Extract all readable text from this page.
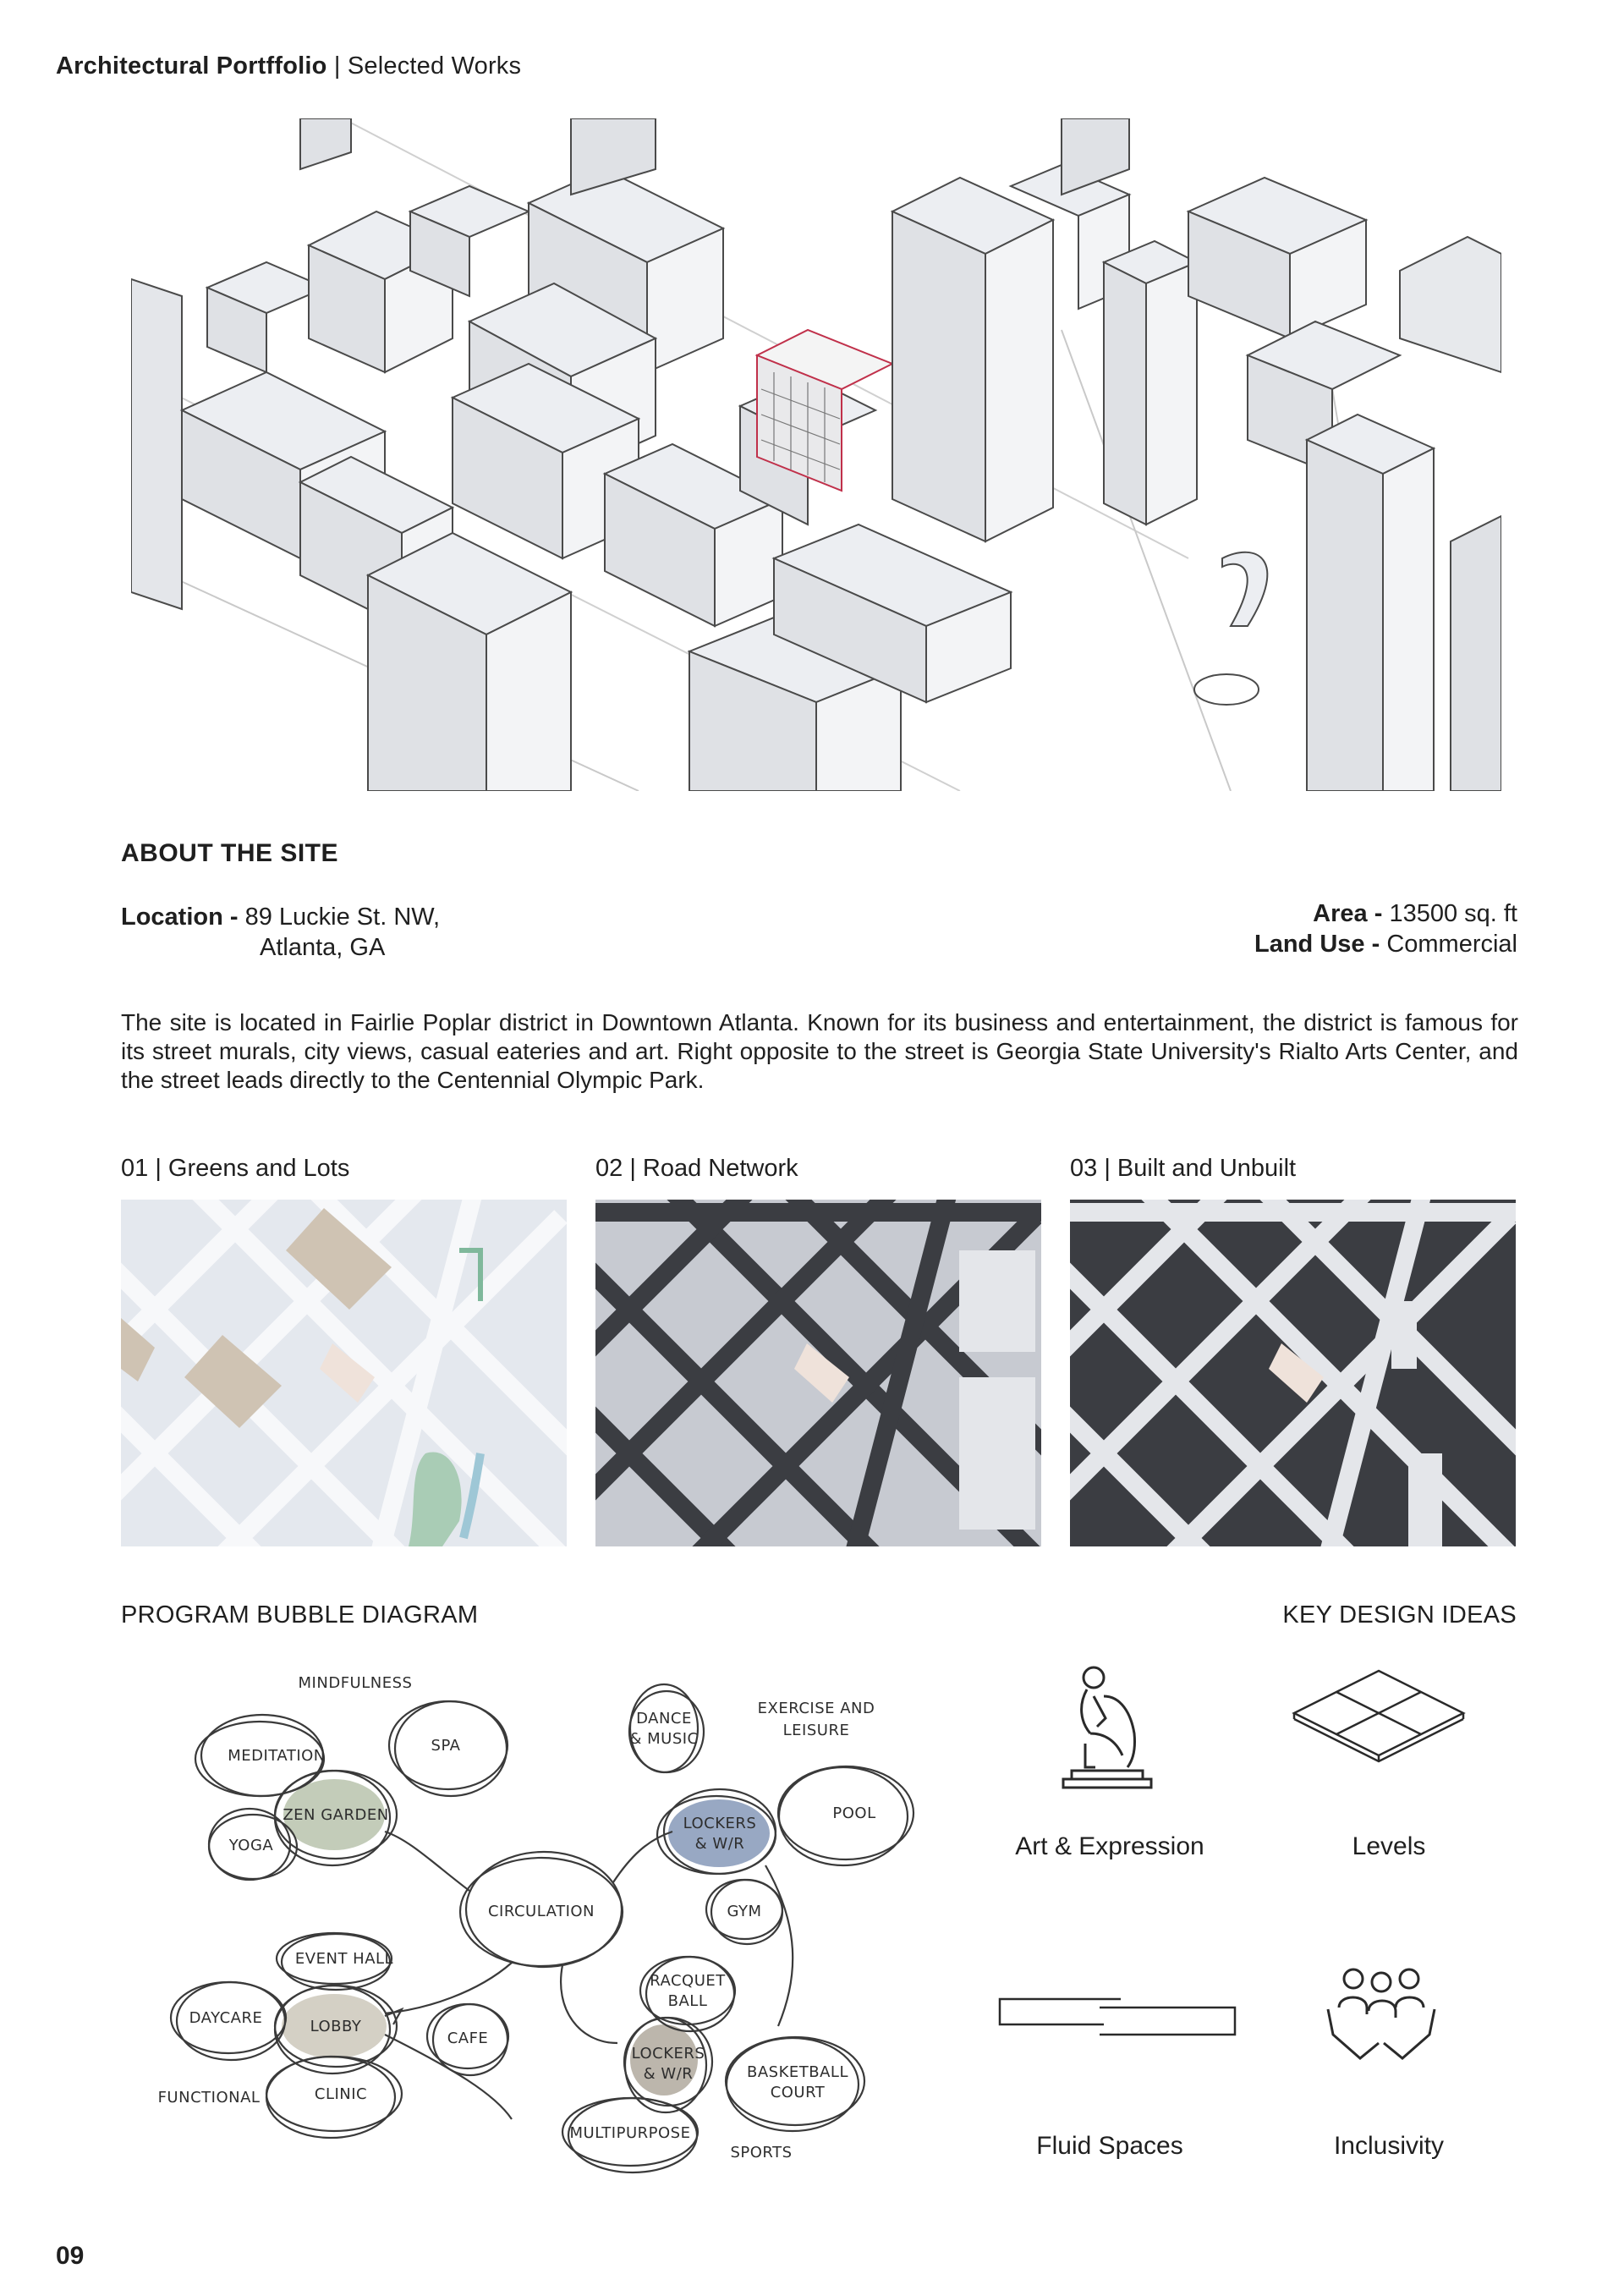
Architectural Portffolio | Selected Works
ABOUT THE SITE
Location - 89 Luckie St. NW,
Atlanta, GA
Area - 13500 sq. ft
Land Use - Commercial
The site is located in Fairlie Poplar district in Downtown Atlanta. Known for its business and entertainment, the district is famous for its street murals, city views, casual eateries and art. Right opposite to the street is Georgia State University's Rialto Arts Center, and the street leads directly to the Centennial Olympic Park.
01 | Greens and Lots	02 | Road Network	03 | Built and Unbuilt
PROGRAM BUBBLE DIAGRAM	KEY DESIGN IDEAS
MINDFULNESS
EXERCISE AND
LEISURE
FUNCTIONAL
SPORTS
MEDITATION
SPA
ZEN GARDEN
YOGA
DANCE
& MUSIC
LOCKERS
& W/R
POOL
GYM
CIRCULATION
EVENT HALL
DAYCARE	LOBBY
CAFE
CLINIC
RACQUET
BALL
LOCKERS
& W/R	BASKETBALL
COURT
MULTIPURPOSE
Art & Expression	Levels
Fluid Spaces	Inclusivity
09
